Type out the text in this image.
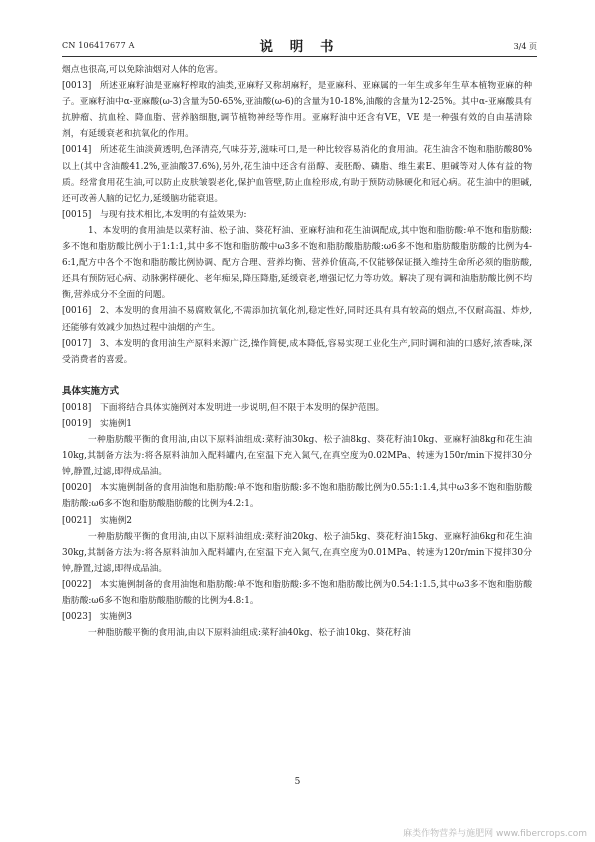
CN 106417677 A	说 明 书	3/4 页
烟点也很高,可以免除油烟对人体的危害。
[0013] 所述亚麻籽油是亚麻籽榨取的油类,亚麻籽又称胡麻籽，是亚麻科、亚麻属的一年生或多年生草本植物亚麻的种子。亚麻籽油中α-亚麻酸(ω-3)含量为50-65%,亚油酸(ω-6)的含量为10-18%,油酸的含量为12-25%。其中α-亚麻酸具有抗肿瘤、抗血栓、降血脂、营养脑细胞,调节植物神经等作用。亚麻籽油中还含有VE，VE 是一种强有效的自由基清除剂，有延缓衰老和抗氧化的作用。
[0014] 所述花生油淡黄透明,色泽清亮,气味芬芳,滋味可口,是一种比较容易消化的食用油。花生油含不饱和脂肪酸80%以上(其中含油酸41.2%,亚油酸37.6%),另外,花生油中还含有甾醇、麦胚酚、磷脂、维生素E、胆碱等对人体有益的物质。经常食用花生油,可以防止皮肤皱裂老化,保护血管壁,防止血栓形成,有助于预防动脉硬化和冠心病。花生油中的胆碱,还可改善人脑的记忆力,延缓脑功能衰退。
[0015] 与现有技术相比,本发明的有益效果为:
1、本发明的食用油是以菜籽油、松子油、葵花籽油、亚麻籽油和花生油调配成,其中饱和脂肪酸:单不饱和脂肪酸:多不饱和脂肪酸比例小于1:1:1,其中多不饱和脂肪酸中ω3多不饱和脂肪酸脂肪酸:ω6多不饱和脂肪酸脂肪酸的比例为4-6:1,配方中各个不饱和脂肪酸比例协调、配方合理、营养均衡、营养价值高,不仅能够保证摄入维持生命所必须的脂肪酸,还具有预防冠心病、动脉粥样硬化、老年痴呆,降压降脂,延缓衰老,增强记忆力等功效。解决了现有调和油脂肪酸比例不均衡,营养成分不全面的问题。
[0016] 2、本发明的食用油不易腐败氧化,不需添加抗氧化剂,稳定性好,同时还具有具有较高的烟点,不仅耐高温、炸炒,还能够有效减少加热过程中油烟的产生。
[0017] 3、本发明的食用油生产原料来源广泛,操作简便,成本降低,容易实现工业化生产,同时调和油的口感好,浓香味,深受消费者的喜爱。
具体实施方式
[0018] 下面将结合具体实施例对本发明进一步说明,但不限于本发明的保护范围。
[0019] 实施例1
一种脂肪酸平衡的食用油,由以下原料油组成:菜籽油30kg、松子油8kg、葵花籽油10kg、亚麻籽油8kg和花生油10kg,其制备方法为:将各原料油加入配料罐内,在室温下充入氮气,在真空度为0.02MPa、转速为150r/min下搅拌30分钟,静置,过滤,即得成品油。
[0020] 本实施例制备的食用油饱和脂肪酸:单不饱和脂肪酸:多不饱和脂肪酸比例为0.55:1:1.4,其中ω3多不饱和脂肪酸脂肪酸:ω6多不饱和脂肪酸脂肪酸的比例为4.2:1。
[0021] 实施例2
一种脂肪酸平衡的食用油,由以下原料油组成:菜籽油20kg、松子油5kg、葵花籽油15kg、亚麻籽油6kg和花生油30kg,其制备方法为:将各原料油加入配料罐内,在室温下充入氮气,在真空度为0.01MPa、转速为120r/min下搅拌30分钟,静置,过滤,即得成品油。
[0022] 本实施例制备的食用油饱和脂肪酸:单不饱和脂肪酸:多不饱和脂肪酸比例为0.54:1:1.5,其中ω3多不饱和脂肪酸脂肪酸:ω6多不饱和脂肪酸脂肪酸的比例为4.8:1。
[0023] 实施例3
一种脂肪酸平衡的食用油,由以下原料油组成:菜籽油40kg、松子油10kg、葵花籽油
5
麻类作物营养与施肥网 www.fibercrops.com
